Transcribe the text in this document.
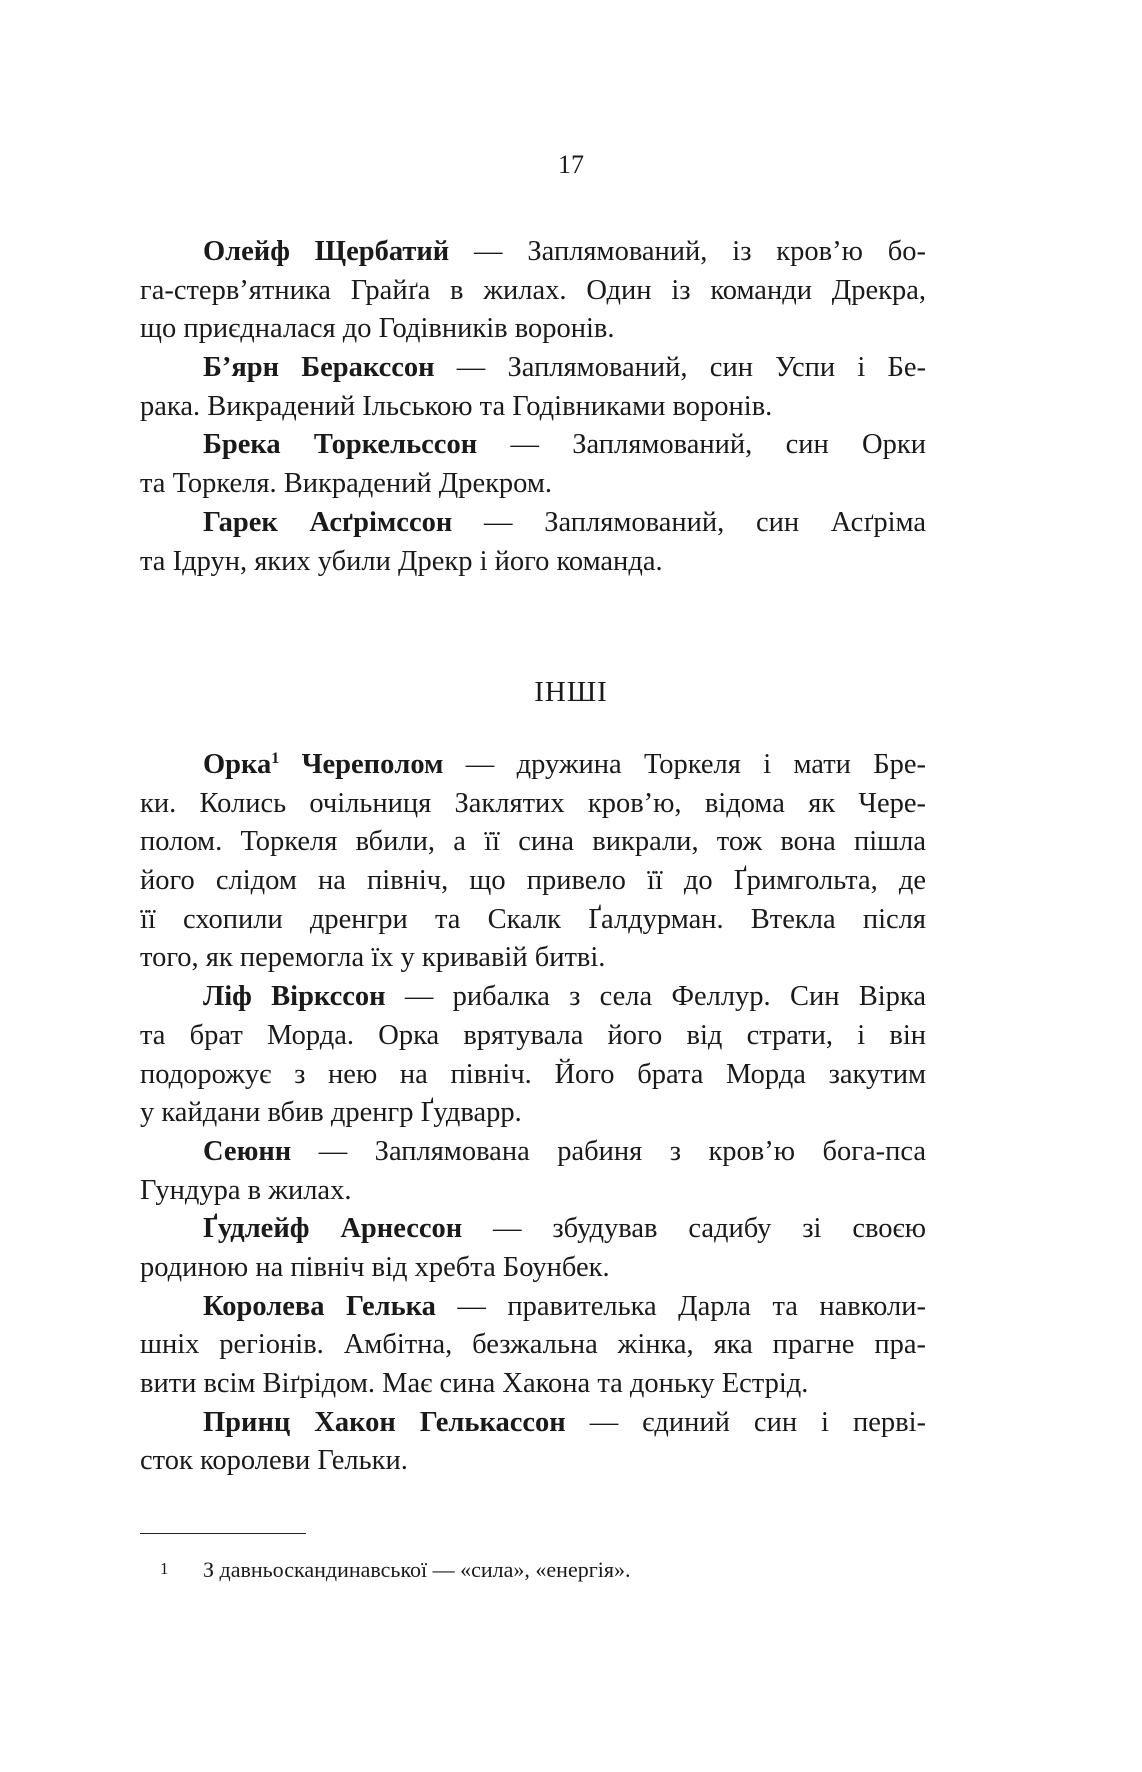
17
Олейф Щербатий — Заплямований, із кров’ю бо-
га-стерв’ятника Грайґа в жилах. Один із команди Дрекра,
що приєдналася до Годівників воронів.
Б’ярн Беракссон — Заплямований, син Успи і Бе-
рака. Викрадений Ільською та Годівниками воронів.
Брека Торкельссон — Заплямований, син Орки
та Торкеля. Викрадений Дрекром.
Гарек Асґрімссон — Заплямований, син Асґріма
та Ідрун, яких убили Дрекр і його команда.
ІНШІ
Орка$^1$ Черепoлом — дружина Торкеля і мати Бре-
ки. Колись очільниця Заклятих кров’ю, відома як Чере-
полом. Торкеля вбили, а її сина викрали, тож вона пішла
його слідом на північ, що привело її до Ґримгольта, де
її схопили дренгри та Скалк Ґалдурман. Втекла після
того, як перемогла їх у кривавій битві.
Ліф Віркссон — рибалка з села Феллур. Син Вірка
та брат Морда. Орка врятувала його від страти, і він
подорожує з нею на північ. Його брата Морда закутим
у кайдани вбив дренгр Ґудварр.
Сеюнн — Заплямована рабиня з кров’ю бога-пса
Гундура в жилах.
Ґудлейф Арнессон — збудував садибу зі своєю
родиною на північ від хребта Боунбек.
Королева Гелька — правителька Дарла та навколи-
шніх регіонів. Амбітна, безжальна жінка, яка прагне пра-
вити всім Віґрідом. Має сина Хакона та доньку Естрід.
Принц Хакон Гелькассон — єдиний син і перві-
сток королеви Гельки.
1 З давньоскандинавської — «сила», «енергія».
